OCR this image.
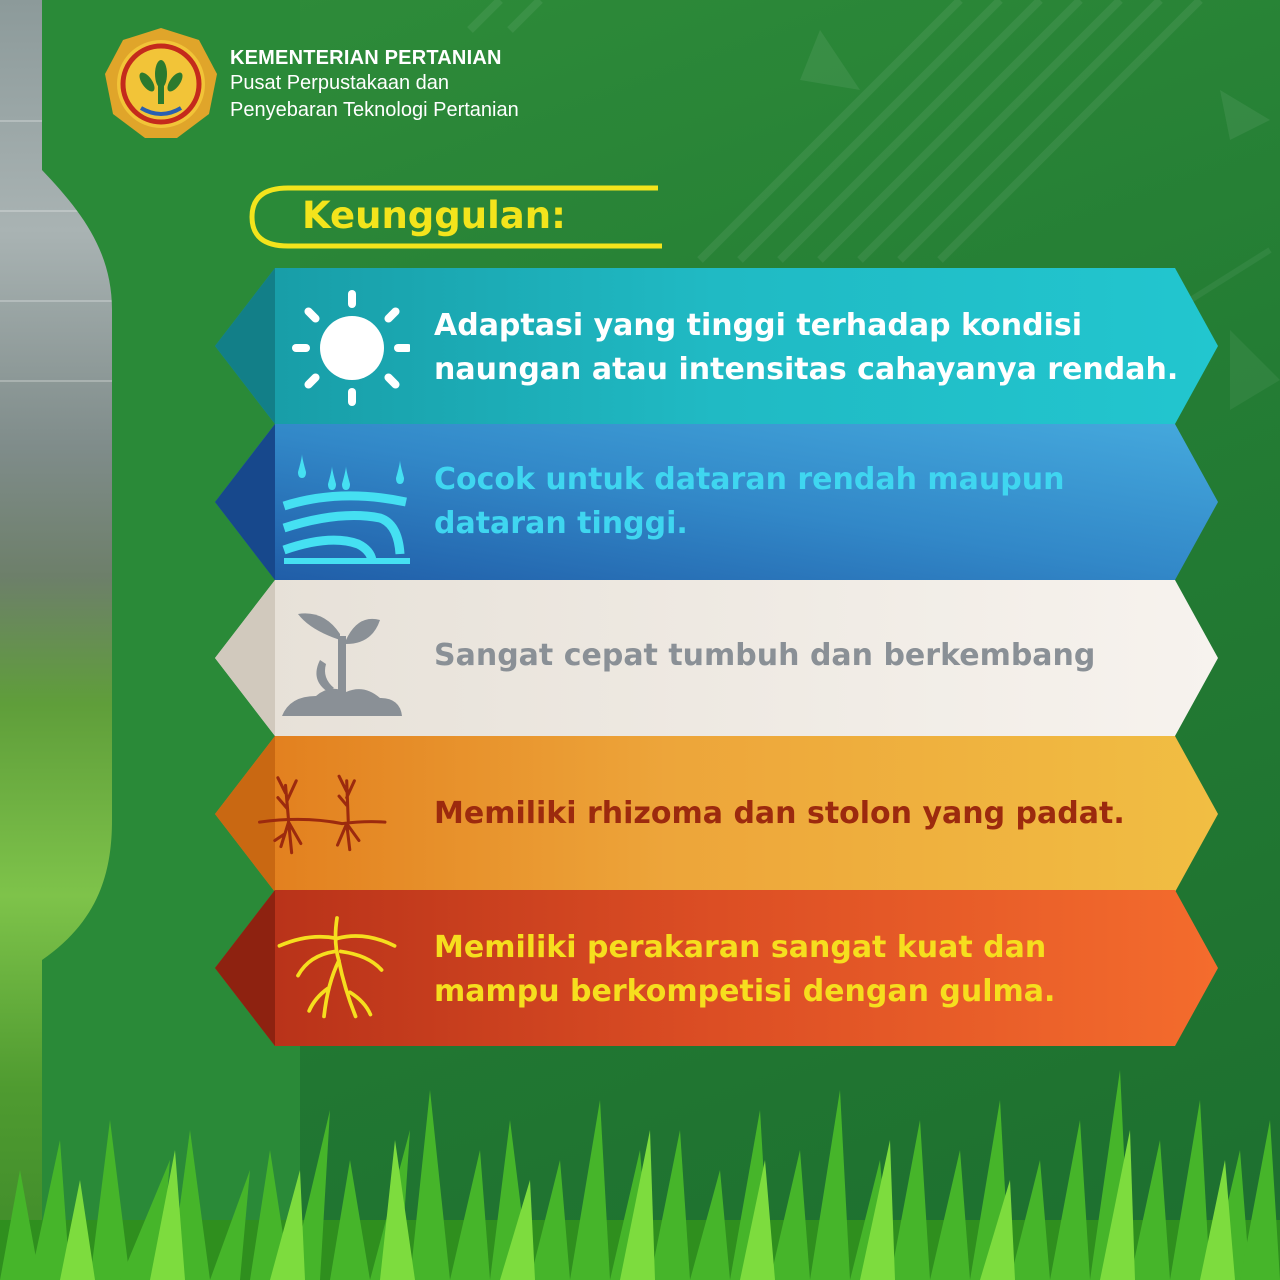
KEMENTERIAN PERTANIAN
Pusat Perpustakaan dan
Penyebaran Teknologi Pertanian
Keunggulan:
Adaptasi yang tinggi terhadap kondisi
naungan atau intensitas cahayanya rendah.
Cocok untuk dataran rendah maupun
dataran tinggi.
Sangat cepat tumbuh dan berkembang
Memiliki rhizoma dan stolon yang padat.
Memiliki perakaran sangat kuat dan
mampu berkompetisi dengan gulma.
